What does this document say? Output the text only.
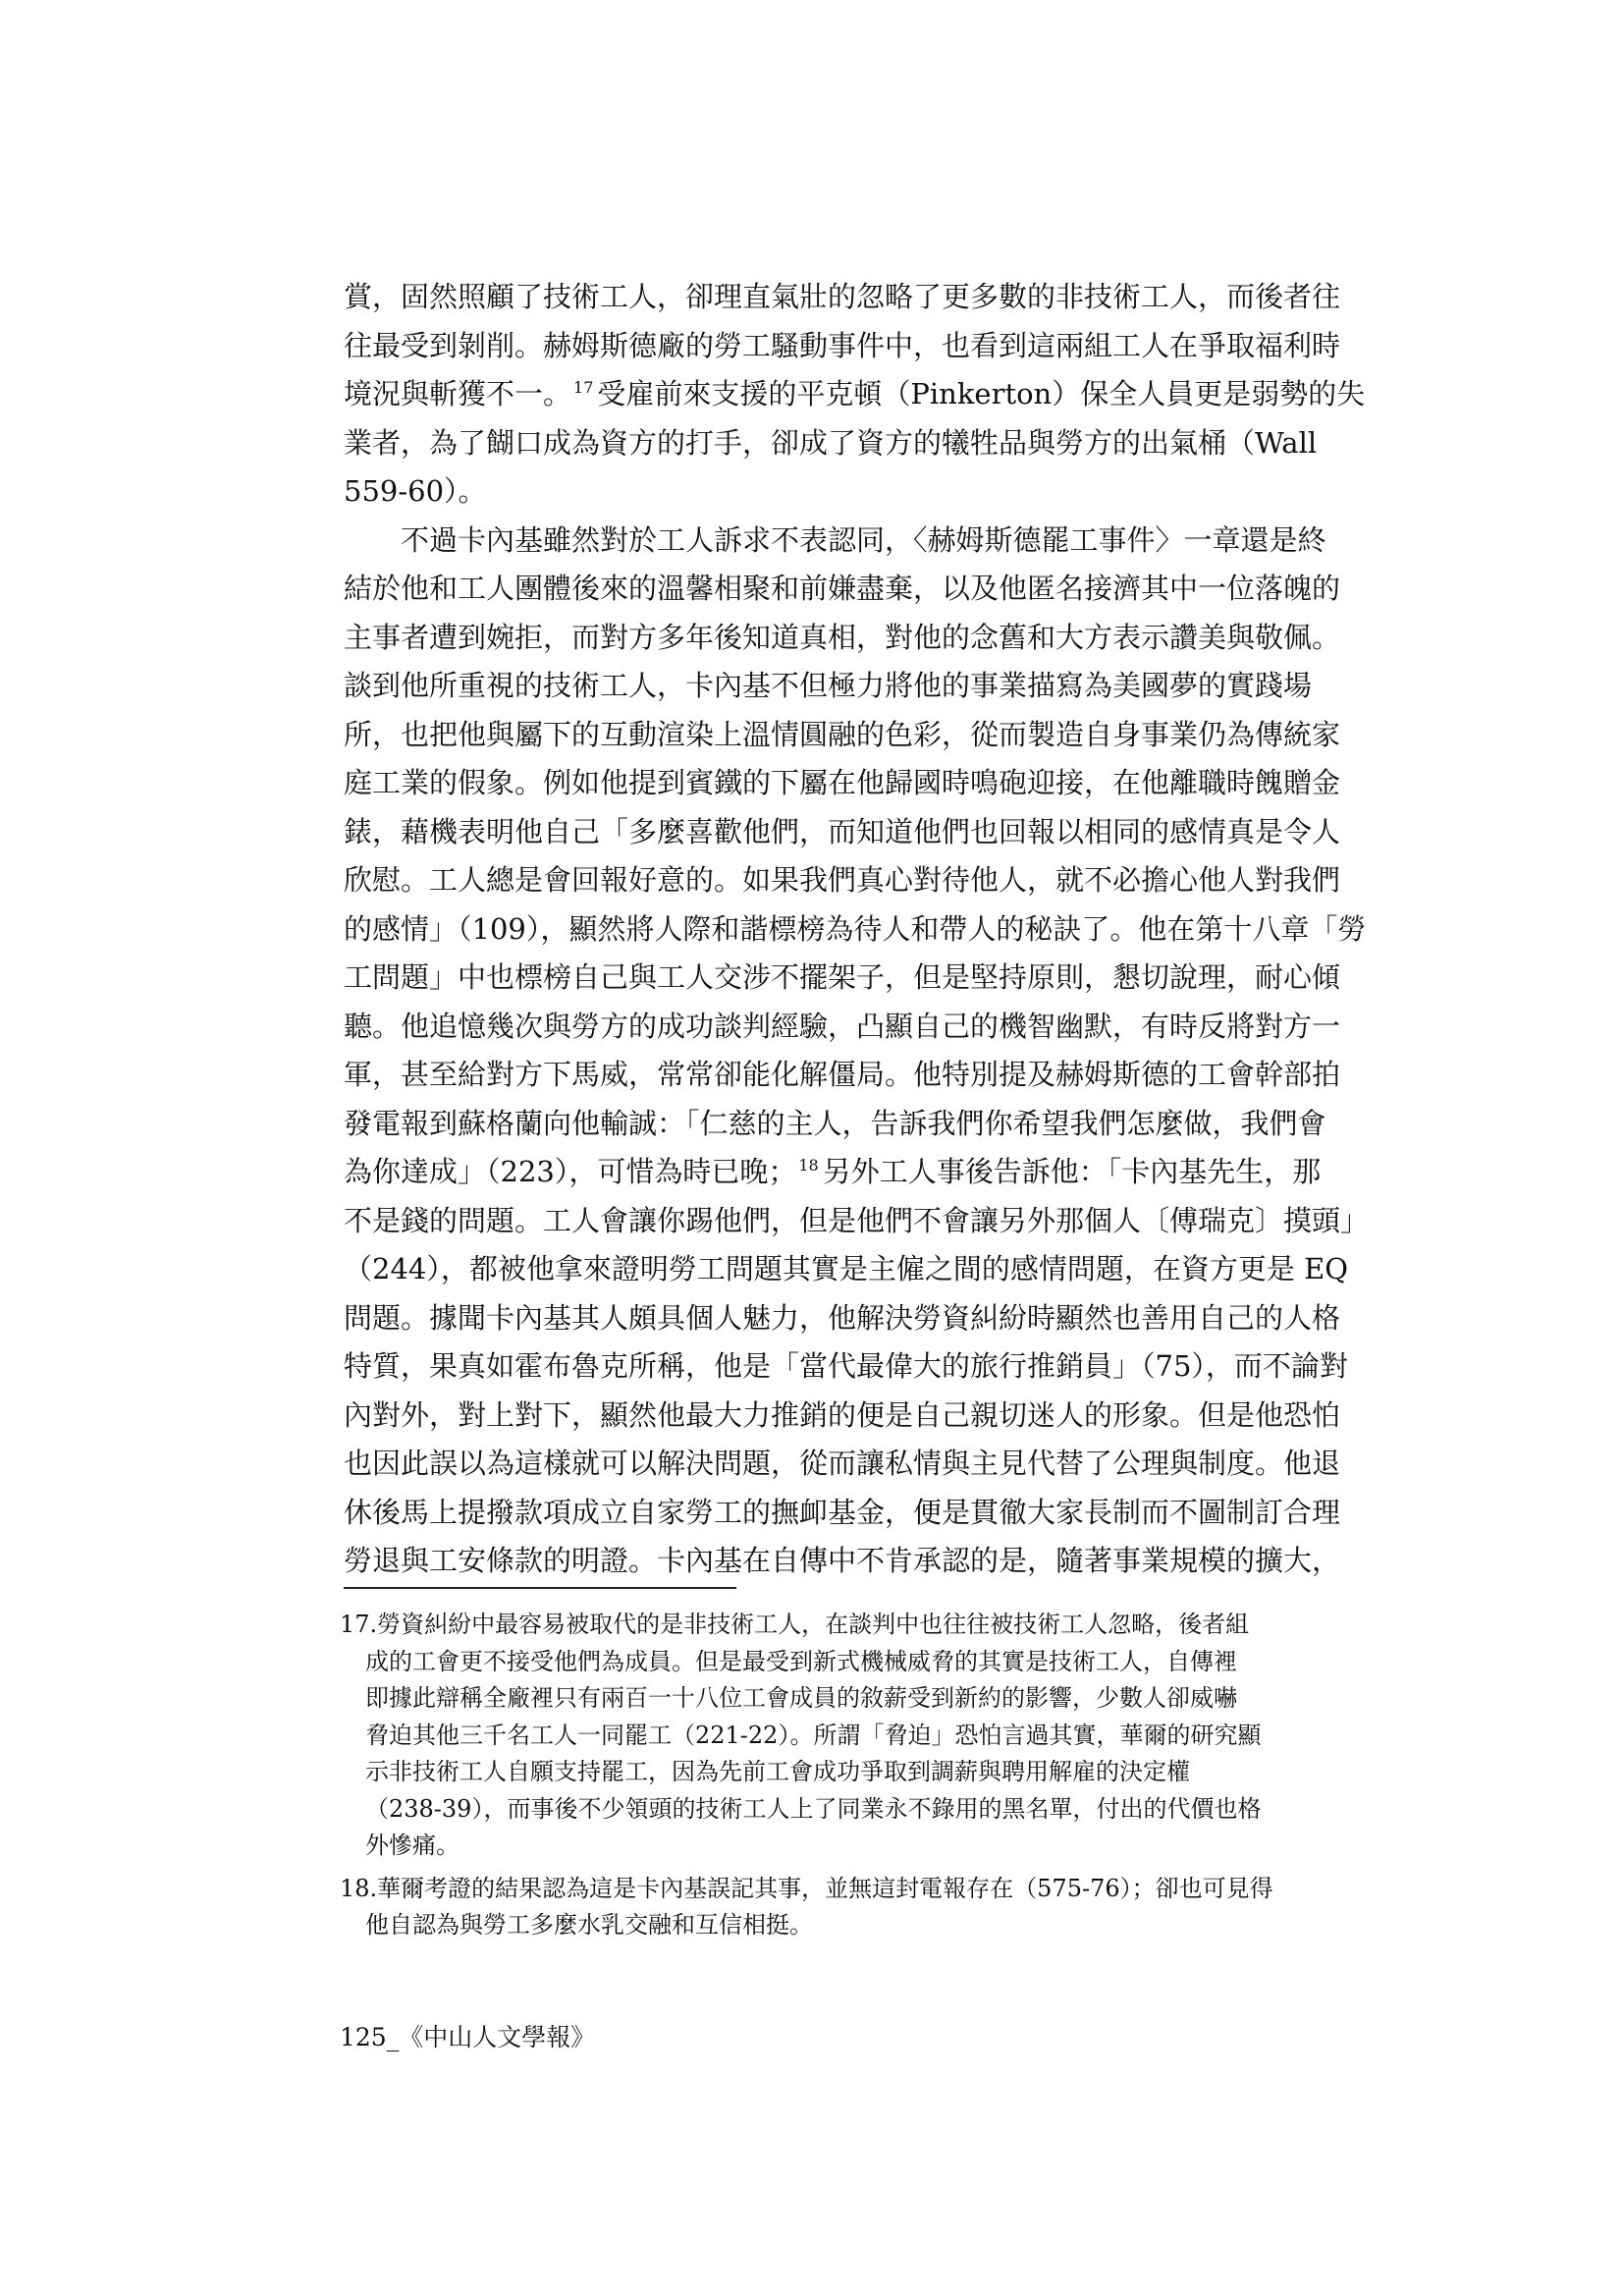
賞，固然照顧了技術工人，卻理直氣壯的忽略了更多數的非技術工人，而後者往
往最受到剝削。赫姆斯德廠的勞工騷動事件中，也看到這兩組工人在爭取福利時
境況與斬獲不一。 $^{17}$ 受雇前來支援的平克頓（Pinkerton）保全人員更是弱勢的失
業者，為了餬口成為資方的打手，卻成了資方的犧牲品與勞方的出氣桶（Wall
559-60）。
　　不過卡內基雖然對於工人訴求不表認同，〈赫姆斯德罷工事件〉一章還是終
結於他和工人團體後來的溫馨相聚和前嫌盡棄，以及他匿名接濟其中一位落魄的
主事者遭到婉拒，而對方多年後知道真相，對他的念舊和大方表示讚美與敬佩。
談到他所重視的技術工人，卡內基不但極力將他的事業描寫為美國夢的實踐場
所，也把他與屬下的互動渲染上溫情圓融的色彩，從而製造自身事業仍為傳統家
庭工業的假象。例如他提到賓鐵的下屬在他歸國時鳴砲迎接，在他離職時餽贈金
錶，藉機表明他自己「多麼喜歡他們，而知道他們也回報以相同的感情真是令人
欣慰。工人總是會回報好意的。如果我們真心對待他人，就不必擔心他人對我們
的感情」（109），顯然將人際和諧標榜為待人和帶人的秘訣了。他在第十八章「勞
工問題」中也標榜自己與工人交涉不擺架子，但是堅持原則，懇切說理，耐心傾
聽。他追憶幾次與勞方的成功談判經驗，凸顯自己的機智幽默，有時反將對方一
軍，甚至給對方下馬威，常常卻能化解僵局。他特別提及赫姆斯德的工會幹部拍
發電報到蘇格蘭向他輸誠：「仁慈的主人，告訴我們你希望我們怎麼做，我們會
為你達成」（223），可惜為時已晚； $^{18}$ 另外工人事後告訴他：「卡內基先生，那
不是錢的問題。工人會讓你踢他們，但是他們不會讓另外那個人〔傅瑞克〕摸頭」
（244），都被他拿來證明勞工問題其實是主僱之間的感情問題，在資方更是 EQ
問題。據聞卡內基其人頗具個人魅力，他解決勞資糾紛時顯然也善用自己的人格
特質，果真如霍布魯克所稱，他是「當代最偉大的旅行推銷員」（75），而不論對
內對外，對上對下，顯然他最大力推銷的便是自己親切迷人的形象。但是他恐怕
也因此誤以為這樣就可以解決問題，從而讓私情與主見代替了公理與制度。他退
休後馬上提撥款項成立自家勞工的撫卹基金，便是貫徹大家長制而不圖制訂合理
勞退與工安條款的明證。卡內基在自傳中不肯承認的是，隨著事業規模的擴大，
17.勞資糾紛中最容易被取代的是非技術工人，在談判中也往往被技術工人忽略，後者組
成的工會更不接受他們為成員。但是最受到新式機械威脅的其實是技術工人，自傳裡
即據此辯稱全廠裡只有兩百一十八位工會成員的敘薪受到新約的影響，少數人卻威嚇
脅迫其他三千名工人一同罷工（221-22）。所謂「脅迫」恐怕言過其實，華爾的研究顯
示非技術工人自願支持罷工，因為先前工會成功爭取到調薪與聘用解雇的決定權
（238-39），而事後不少領頭的技術工人上了同業永不錄用的黑名單，付出的代價也格
外慘痛。
18.華爾考證的結果認為這是卡內基誤記其事，並無這封電報存在（575-76）；卻也可見得
他自認為與勞工多麼水乳交融和互信相挺。
125_《中山人文學報》
